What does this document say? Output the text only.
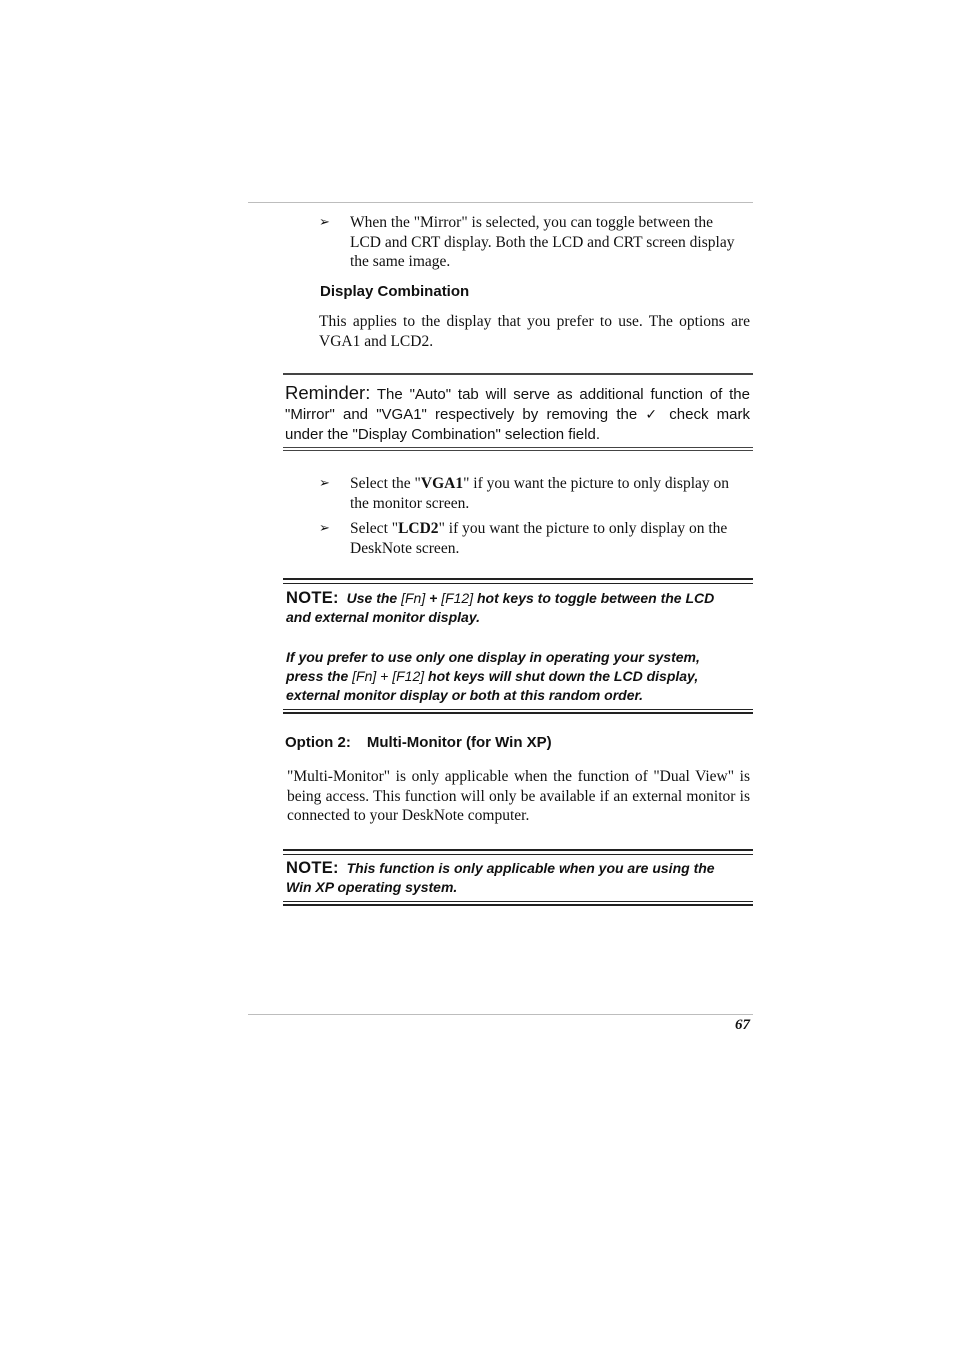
➢ When the "Mirror" is selected, you can toggle between the LCD and CRT display. Both the LCD and CRT screen display the same image.
Display Combination
This applies to the display that you prefer to use. The options are VGA1 and LCD2.
Reminder: The "Auto" tab will serve as additional function of the "Mirror" and "VGA1" respectively by removing the ✓ check mark under the "Display Combination" selection field.
➢ Select the "VGA1" if you want the picture to only display on the monitor screen.
➢ Select "LCD2" if you want the picture to only display on the DeskNote screen.
NOTE: Use the [Fn] + [F12] hot keys to toggle between the LCD and external monitor display.
If you prefer to use only one display in operating your system, press the [Fn] + [F12] hot keys will shut down the LCD display, external monitor display or both at this random order.
Option 2: Multi-Monitor (for Win XP)
"Multi-Monitor" is only applicable when the function of "Dual View" is being access. This function will only be available if an external monitor is connected to your DeskNote computer.
NOTE: This function is only applicable when you are using the Win XP operating system.
67
